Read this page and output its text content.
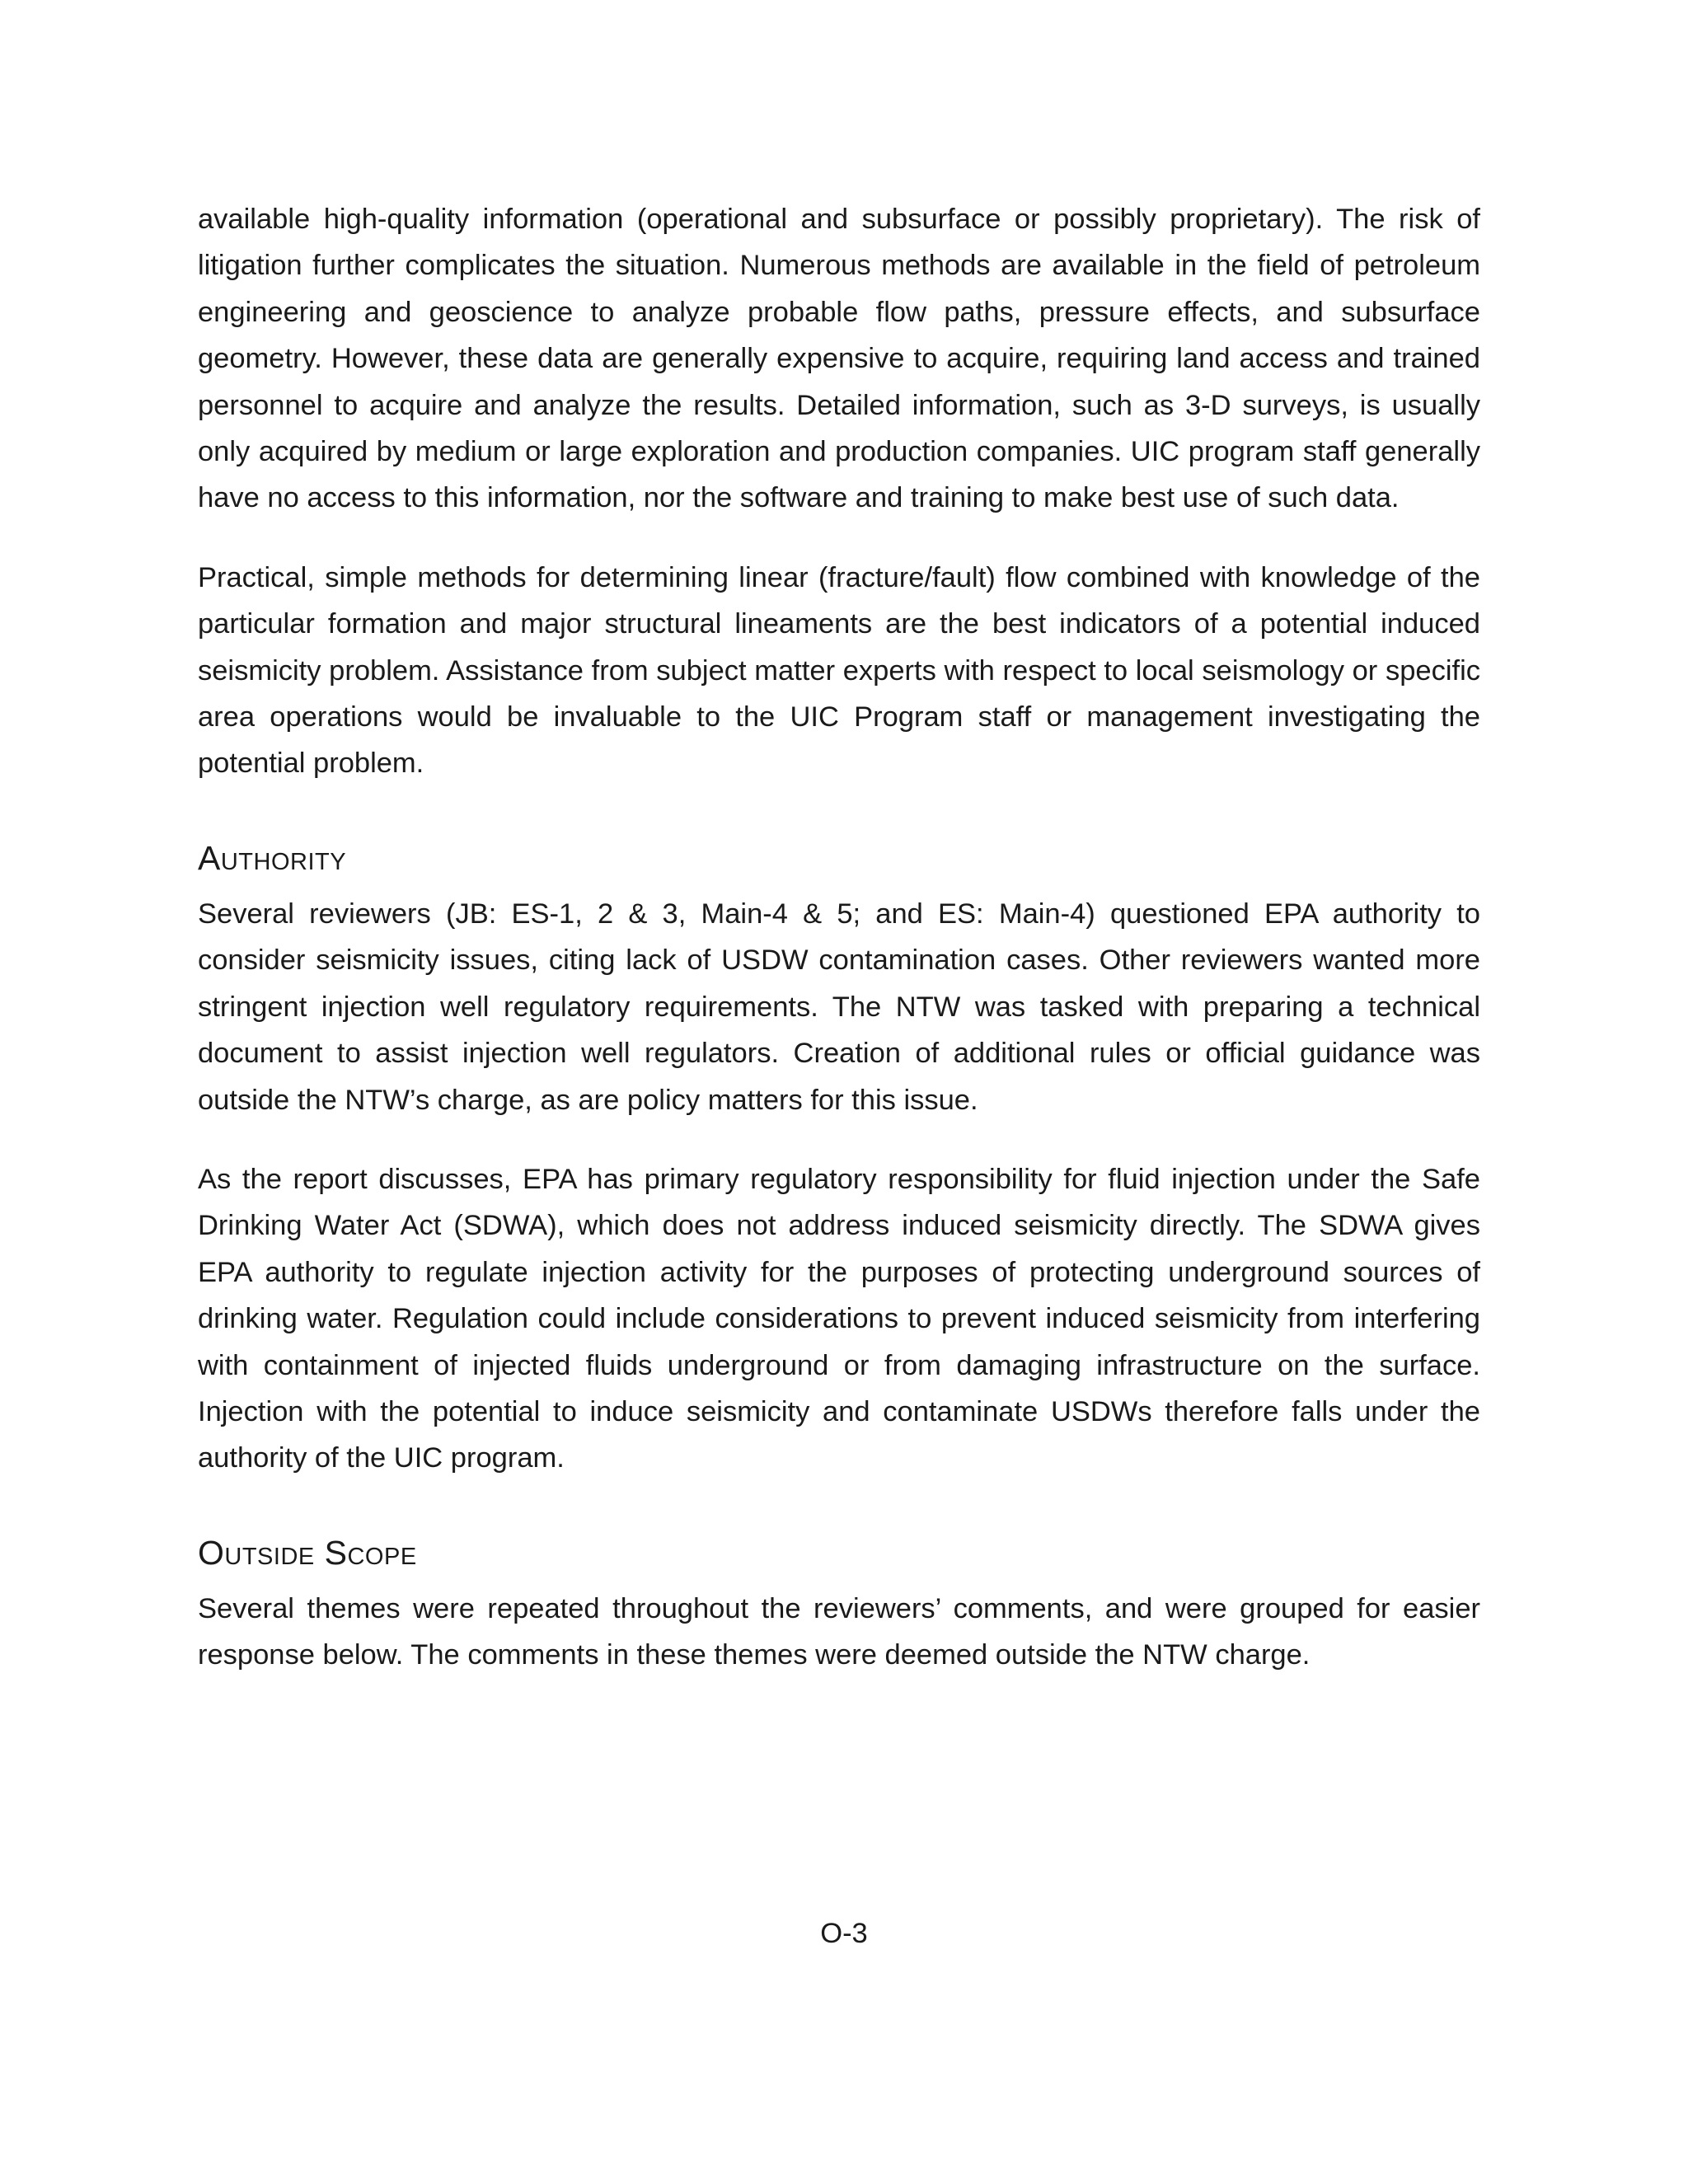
available high-quality information (operational and subsurface or possibly proprietary). The risk of litigation further complicates the situation. Numerous methods are available in the field of petroleum engineering and geoscience to analyze probable flow paths, pressure effects, and subsurface geometry. However, these data are generally expensive to acquire, requiring land access and trained personnel to acquire and analyze the results. Detailed information, such as 3-D surveys, is usually only acquired by medium or large exploration and production companies. UIC program staff generally have no access to this information, nor the software and training to make best use of such data.

Practical, simple methods for determining linear (fracture/fault) flow combined with knowledge of the particular formation and major structural lineaments are the best indicators of a potential induced seismicity problem. Assistance from subject matter experts with respect to local seismology or specific area operations would be invaluable to the UIC Program staff or management investigating the potential problem.

Authority

Several reviewers (JB: ES-1, 2 & 3, Main-4 & 5; and ES: Main-4) questioned EPA authority to consider seismicity issues, citing lack of USDW contamination cases. Other reviewers wanted more stringent injection well regulatory requirements. The NTW was tasked with preparing a technical document to assist injection well regulators. Creation of additional rules or official guidance was outside the NTW’s charge, as are policy matters for this issue.

As the report discusses, EPA has primary regulatory responsibility for fluid injection under the Safe Drinking Water Act (SDWA), which does not address induced seismicity directly. The SDWA gives EPA authority to regulate injection activity for the purposes of protecting underground sources of drinking water. Regulation could include considerations to prevent induced seismicity from interfering with containment of injected fluids underground or from damaging infrastructure on the surface. Injection with the potential to induce seismicity and contaminate USDWs therefore falls under the authority of the UIC program.

Outside Scope

Several themes were repeated throughout the reviewers’ comments, and were grouped for easier response below. The comments in these themes were deemed outside the NTW charge.

O-3
